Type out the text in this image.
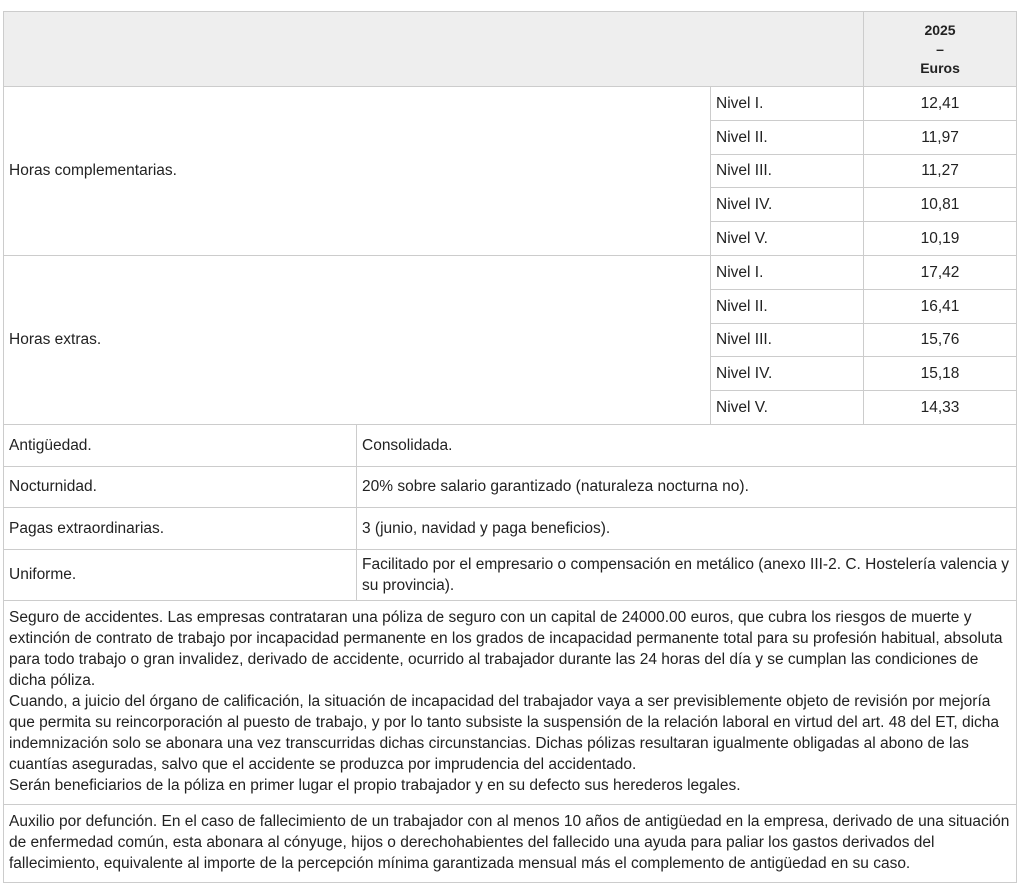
			2025
–
Euros

Horas complementarias.		Nivel I.	12,41
		Nivel II.	11,97
		Nivel III.	11,27
		Nivel IV.	10,81
		Nivel V.	10,19
Horas extras.		Nivel I.	17,42
		Nivel II.	16,41
		Nivel III.	15,76
		Nivel IV.	15,18
		Nivel V.	14,33
Antigüedad.	Consolidada.		
Nocturnidad.	20% sobre salario garantizado (naturaleza nocturna no).		
Pagas extraordinarias.	3 (junio, navidad y paga beneficios).		
Uniforme.	Facilitado por el empresario o compensación en metálico (anexo III-2. C. Hostelería valencia y su provincia).		

Seguro de accidentes. Las empresas contrataran una póliza de seguro con un capital de 24000.00 euros, que cubra los riesgos de muerte y extinción de contrato de trabajo por incapacidad permanente en los grados de incapacidad permanente total para su profesión habitual, absoluta para todo trabajo o gran invalidez, derivado de accidente, ocurrido al trabajador durante las 24 horas del día y se cumplan las condiciones de dicha póliza.

Cuando, a juicio del órgano de calificación, la situación de incapacidad del trabajador vaya a ser previsiblemente objeto de revisión por mejoría que permita su reincorporación al puesto de trabajo, y por lo tanto subsiste la suspensión de la relación laboral en virtud del art. 48 del ET, dicha indemnización solo se abonara una vez transcurridas dichas circunstancias. Dichas pólizas resultaran igualmente obligadas al abono de las cuantías aseguradas, salvo que el accidente se produzca por imprudencia del accidentado.

Serán beneficiarios de la póliza en primer lugar el propio trabajador y en su defecto sus herederos legales.			

Auxilio por defunción. En el caso de fallecimiento de un trabajador con al menos 10 años de antigüedad en la empresa, derivado de una situación de enfermedad común, esta abonara al cónyuge, hijos o derechohabientes del fallecido una ayuda para paliar los gastos derivados del fallecimiento, equivalente al importe de la percepción mínima garantizada mensual más el complemento de antigüedad en su caso.			
